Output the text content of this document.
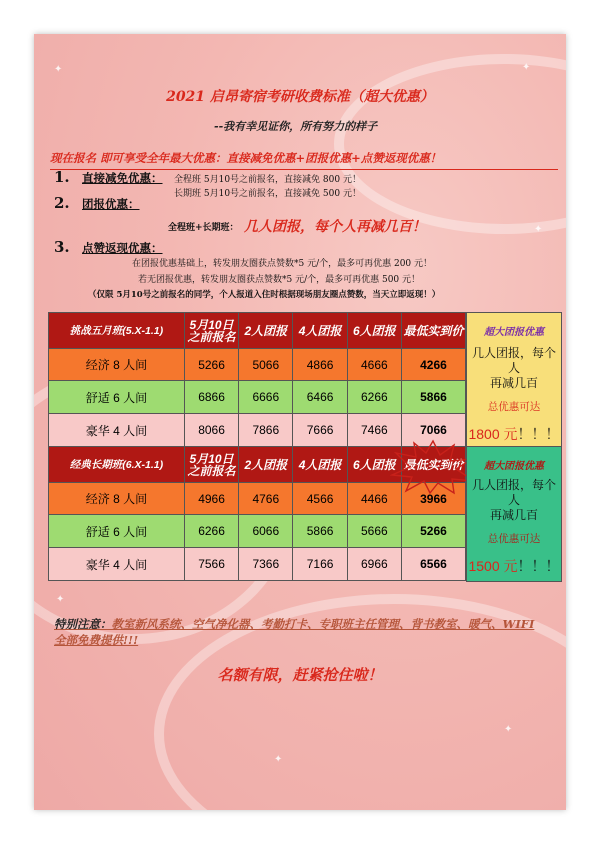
✦	✦
✦
✦
✦
✦
2021 启昂寄宿考研收费标准（超大优惠）
--我有幸见证你，所有努力的样子
现在报名 即可享受全年最大优惠：直接减免优惠+团报优惠+点赞返现优惠！
1. 直接减免优惠： 全程班 5月10号之前报名，直接减免 800 元！
长期班 5月10号之前报名，直接减免 500 元！
2. 团报优惠：
全程班+长期班： 几人团报，每个人再减几百！
3. 点赞返现优惠：
在团报优惠基础上，转发朋友圈获点赞数*5 元/个，最多可再优惠 200 元！
若无团报优惠，转发朋友圈获点赞数*5 元/个，最多可再优惠 500 元！
（仅限 5月10号之前报名的同学，个人报道入住时根据现场朋友圈点赞数，当天立即返现！）
挑战五月班(5.X-1.1)	5月10日之前报名	2人团报	4人团报	6人团报	最低实到价
经济 8 人间	5266	5066	4866	4666	4266
舒适 6 人间	6866	6666	6466	6266	5866
豪华 4 人间	8066	7866	7666	7466	7066
经典长期班(6.X-1.1)	5月10日之前报名	2人团报	4人团报	6人团报	最低实到价
经济 8 人间	4966	4766	4566	4466	3966
舒适 6 人间	6266	6066	5866	5666	5266
豪华 4 人间	7566	7366	7166	6966	6566
超大团报优惠
几人团报，每个人
再减几百
总优惠可达
1800 元！！！
超大团报优惠
几人团报，每个人
再减几百
总优惠可达
1500 元！！！
特别注意：教室新风系统、空气净化器、考勤打卡、专职班主任管理、背书教室、暖气、WIFI 全部免费提供!!!
名额有限，赶紧抢住啦！
